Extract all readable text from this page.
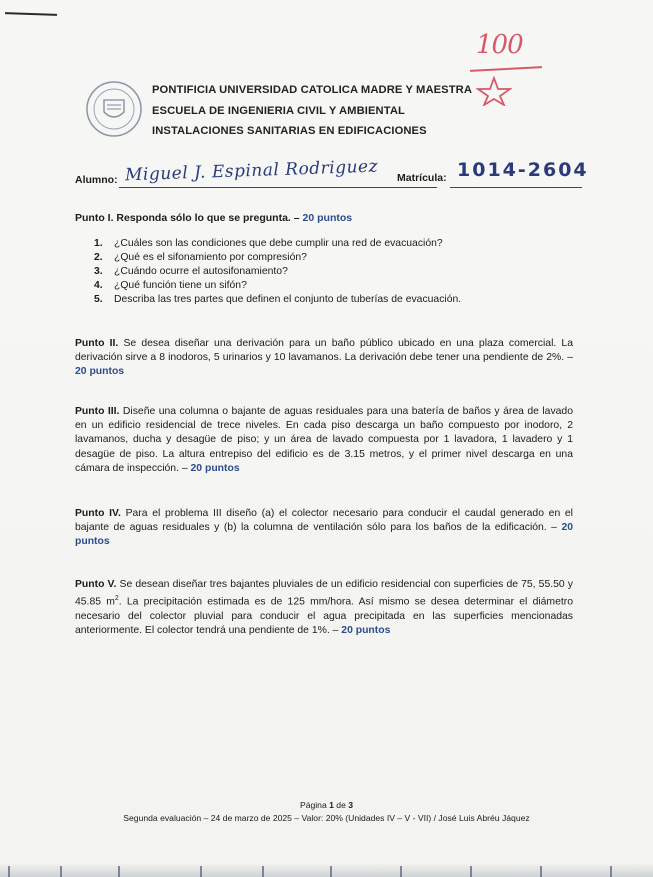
100
PONTIFICIA UNIVERSIDAD CATOLICA MADRE Y MAESTRA
ESCUELA DE INGENIERIA CIVIL Y AMBIENTAL
INSTALACIONES SANITARIAS EN EDIFICACIONES
Alumno: Miguel J. Espinal Rodriguez Matrícula: 1014-2604
Punto I. Responda sólo lo que se pregunta. – 20 puntos
1. ¿Cuáles son las condiciones que debe cumplir una red de evacuación?
2. ¿Qué es el sifonamiento por compresión?
3. ¿Cuándo ocurre el autosifonamiento?
4. ¿Qué función tiene un sifón?
5. Describa las tres partes que definen el conjunto de tuberías de evacuación.
Punto II. Se desea diseñar una derivación para un baño público ubicado en una plaza comercial. La derivación sirve a 8 inodoros, 5 urinarios y 10 lavamanos. La derivación debe tener una pendiente de 2%. – 20 puntos
Punto III. Diseñe una columna o bajante de aguas residuales para una batería de baños y área de lavado en un edificio residencial de trece niveles. En cada piso descarga un baño compuesto por inodoro, 2 lavamanos, ducha y desagüe de piso; y un área de lavado compuesta por 1 lavadora, 1 lavadero y 1 desagüe de piso. La altura entrepiso del edificio es de 3.15 metros, y el primer nivel descarga en una cámara de inspección. – 20 puntos
Punto IV. Para el problema III diseño (a) el colector necesario para conducir el caudal generado en el bajante de aguas residuales y (b) la columna de ventilación sólo para los baños de la edificación. – 20 puntos
Punto V. Se desean diseñar tres bajantes pluviales de un edificio residencial con superficies de 75, 55.50 y 45.85 $m^2$. La precipitación estimada es de 125 mm/hora. Así mismo se desea determinar el diámetro necesario del colector pluvial para conducir el agua precipitada en las superficies mencionadas anteriormente. El colector tendrá una pendiente de 1%. – 20 puntos
Página 1 de 3
Segunda evaluación – 24 de marzo de 2025 – Valor: 20% (Unidades IV – V - VII) / José Luis Abréu Jáquez
